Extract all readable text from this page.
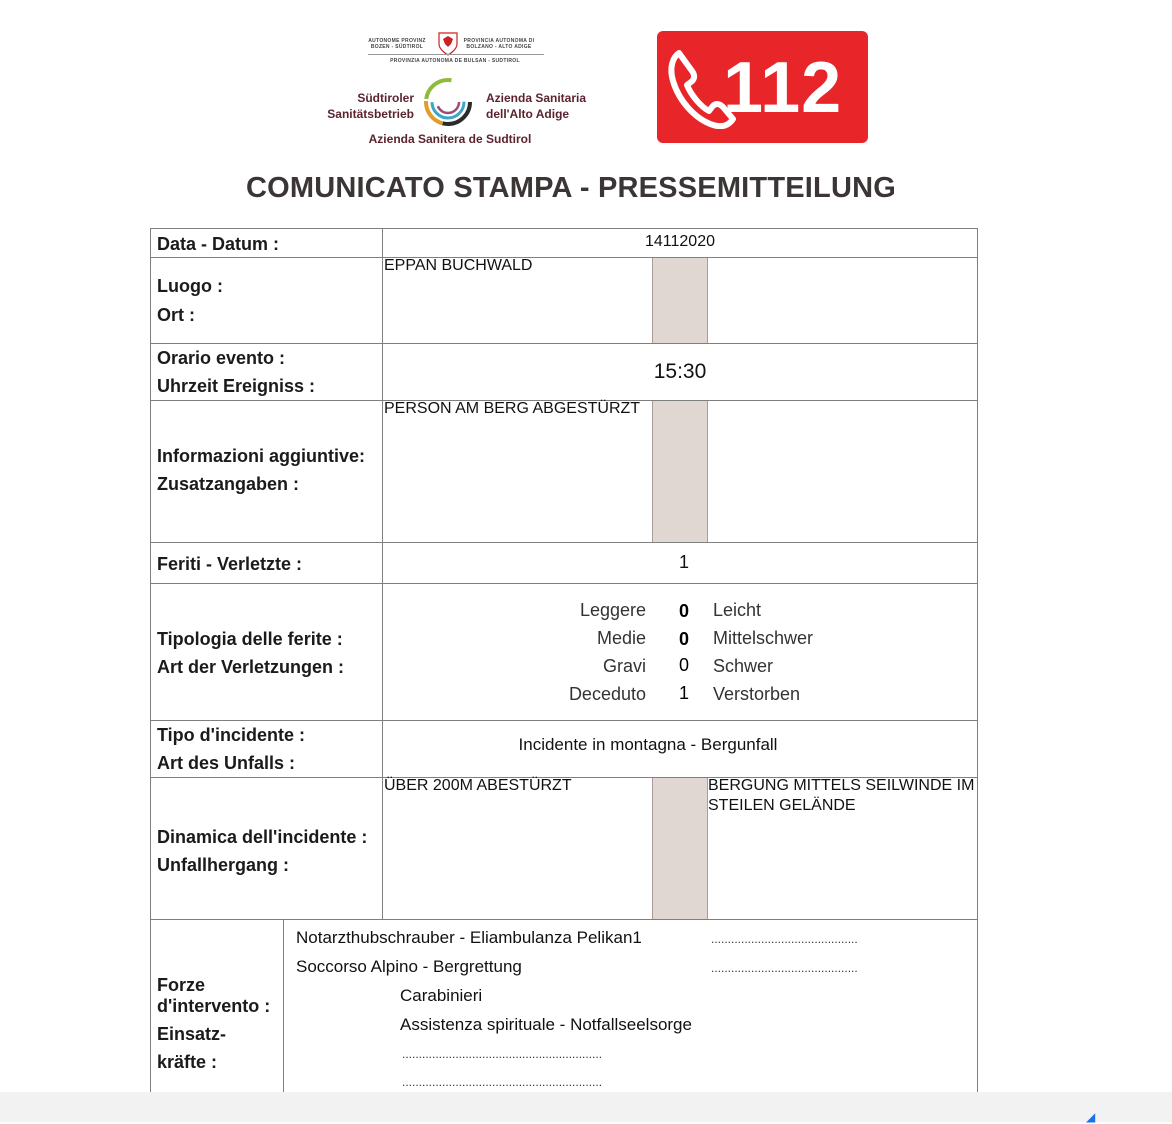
AUTONOME PROVINZ BOZEN - SÜDTIROL
PROVINCIA AUTONOMA DI BOLZANO - ALTO ADIGE
PROVINZIA AUTONOMA DE BULSAN - SUDTIROL
Südtiroler
Sanitätsbetrieb
Azienda Sanitaria
dell'Alto Adige
Azienda Sanitera de Sudtirol
112
COMUNICATO STAMPA - PRESSEMITTEILUNG
Data - Datum :	14112020
Luogo :
Ort :
EPPAN BUCHWALD
Orario evento :
Uhrzeit Ereigniss :
15:30
Informazioni aggiuntive:
Zusatzangaben :
PERSON AM BERG ABGESTÜRZT
Feriti - Verletzte :	1
Tipologia delle ferite :
Art der Verletzungen :
Leggere 0 Leicht
Medie 0 Mittelschwer
Gravi 0 Schwer
Deceduto 1 Verstorben
Tipo d'incidente :
Art des Unfalls :
Incidente in montagna - Bergunfall
Dinamica dell'incidente :
Unfallhergang :
ÜBER 200M ABESTÜRZT	BERGUNG MITTELS SEILWINDE IM
STEILEN GELÄNDE
Forze
d'intervento :
Einsatz-
kräfte :
Notarzthubschrauber - Eliambulanza Pelikan1	............................................
Soccorso Alpino - Bergrettung	............................................
Carabinieri
Assistenza spirituale - Notfallseelsorge
............................................................
............................................................
◢
